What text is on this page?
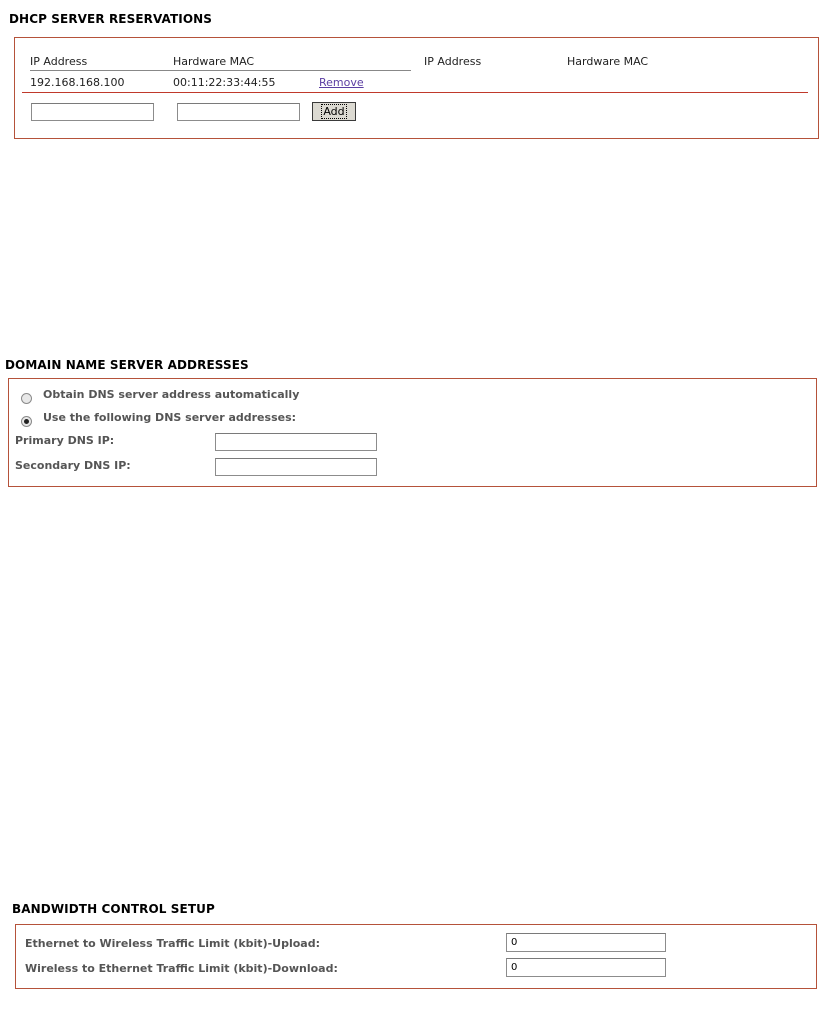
DHCP SERVER RESERVATIONS
IP Address	Hardware MAC	IP Address	Hardware MAC
192.168.168.100	00:11:22:33:44:55	Remove
Add
DOMAIN NAME SERVER ADDRESSES
Obtain DNS server address automatically
Use the following DNS server addresses:
Primary DNS IP:
Secondary DNS IP:
BANDWIDTH CONTROL SETUP
Ethernet to Wireless Traffic Limit (kbit)-Upload:
0
Wireless to Ethernet Traffic Limit (kbit)-Download:
0
